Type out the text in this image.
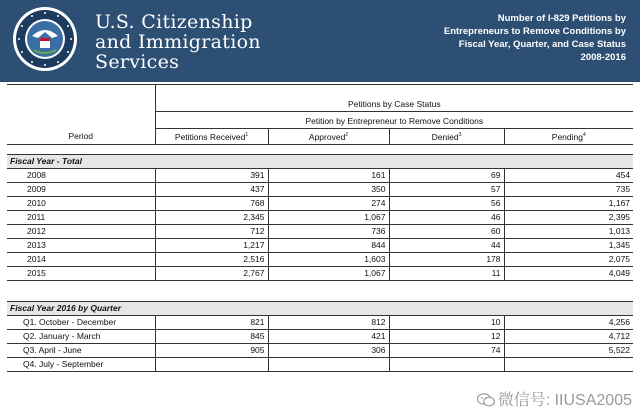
U.S. Citizenship
and Immigration
Services
Number of I-829 Petitions by
Entrepreneurs to Remove Conditions by
Fiscal Year, Quarter, and Case Status
2008-2016
	Petitions by Case Status			
	Petition by Entrepreneur to Remove Conditions			
Period	Petitions Received$^1$	Approved$^2$	Denied$^3$	Pending$^4$

Fiscal Year - Total				
2008	391	161	69	454
2009	437	350	57	735
2010	768	274	56	1,167
2011	2,345	1,067	46	2,395
2012	712	736	60	1,013
2013	1,217	844	44	1,345
2014	2,516	1,603	178	2,075
2015	2,767	1,067	11	4,049
Fiscal Year 2016 by Quarter				
Q1. October - December	821	812	10	4,256
Q2. January - March	845	421	12	4,712
Q3. April - June	905	306	74	5,522
Q4. July - September				
微信号: IIUSA2005
